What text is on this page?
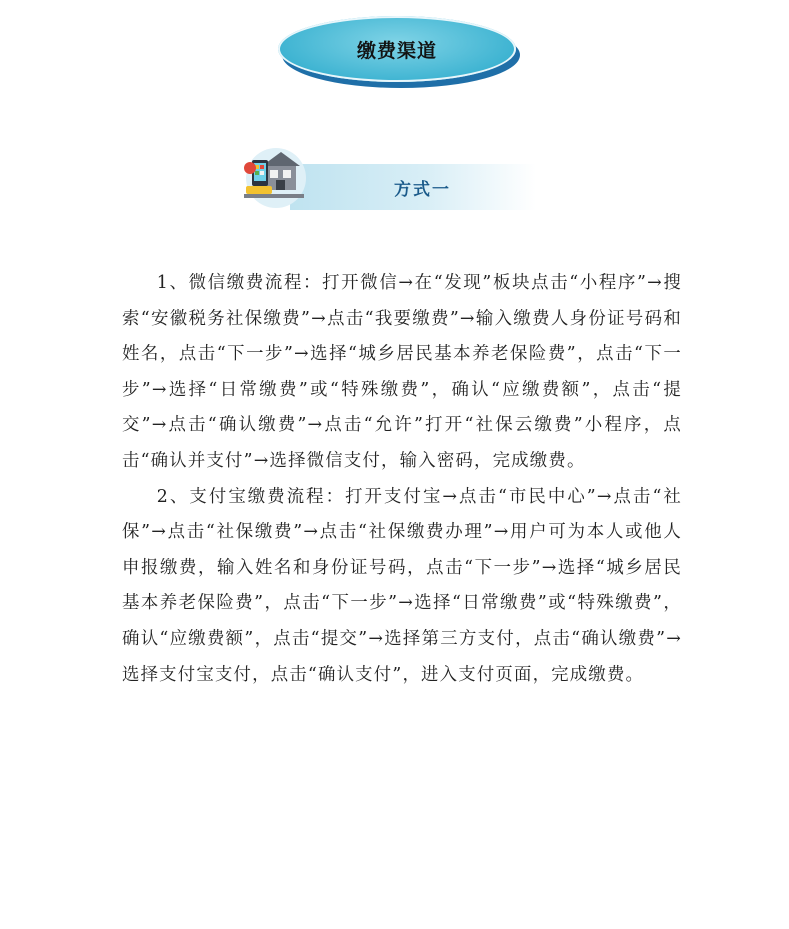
缴费渠道
方式一

1、微信缴费流程：打开微信→在“发现”板块点击“小程序”→搜索“安徽税务社保缴费”→点击“我要缴费”→输入缴费人身份证号码和姓名，点击“下一步”→选择“城乡居民基本养老保险费”，点击“下一步”→选择“日常缴费”或“特殊缴费”，确认“应缴费额”，点击“提交”→点击“确认缴费”→点击“允许”打开“社保云缴费”小程序，点击“确认并支付”→选择微信支付，输入密码，完成缴费。

2、支付宝缴费流程：打开支付宝→点击“市民中心”→点击“社保”→点击“社保缴费”→点击“社保缴费办理”→用户可为本人或他人申报缴费，输入姓名和身份证号码，点击“下一步”→选择“城乡居民基本养老保险费”，点击“下一步”→选择“日常缴费”或“特殊缴费”，确认“应缴费额”，点击“提交”→选择第三方支付，点击“确认缴费”→选择支付宝支付，点击“确认支付”，进入支付页面，完成缴费。
